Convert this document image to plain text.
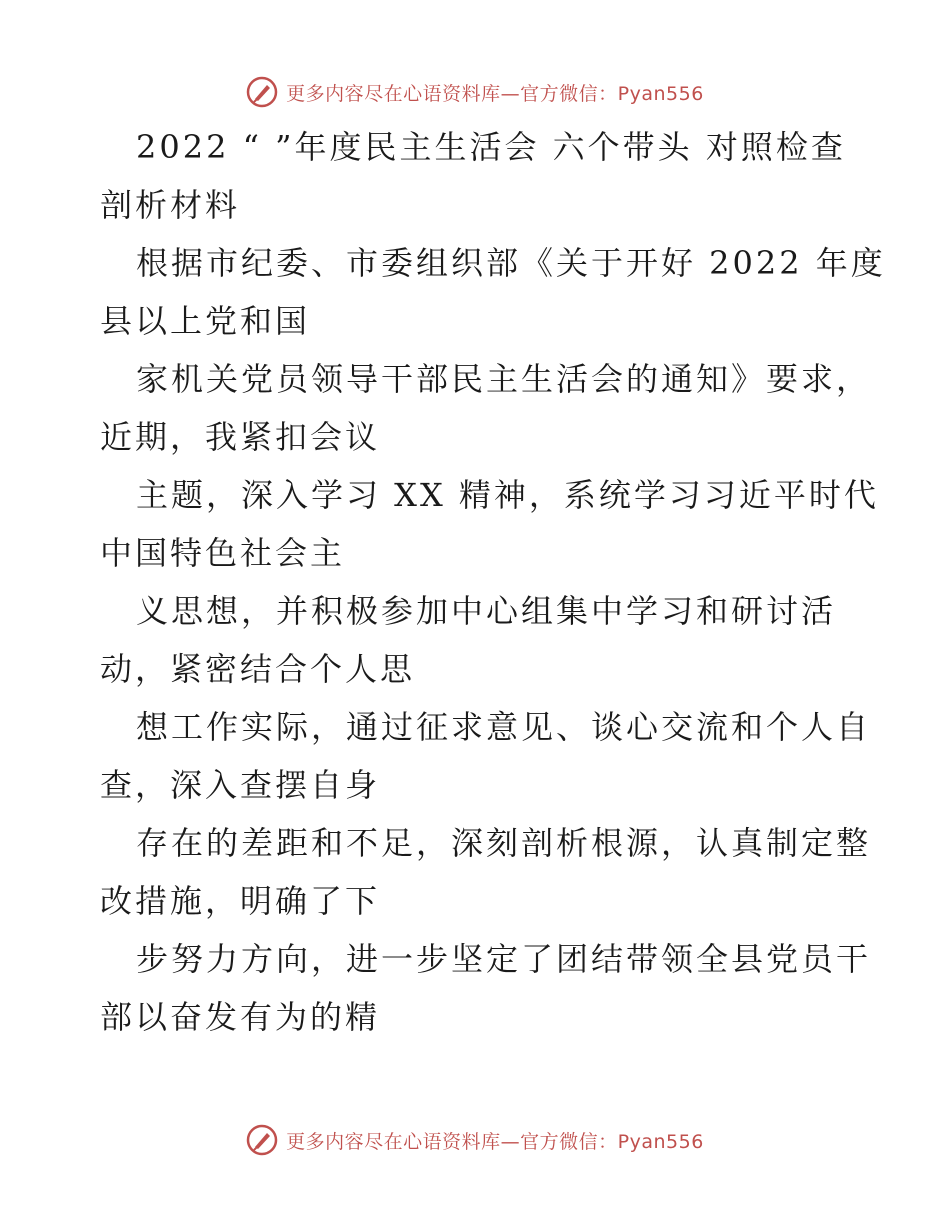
更多内容尽在心语资料库—官方微信：Pyan556
2022 “ ”年度民主生活会 六个带头 对照检查
剖析材料
根据市纪委、市委组织部《关于开好 2022 年度
县以上党和国
家机关党员领导干部民主生活会的通知》要求，
近期，我紧扣会议
主题，深入学习 XX 精神，系统学习习近平时代
中国特色社会主
义思想，并积极参加中心组集中学习和研讨活
动，紧密结合个人思
想工作实际，通过征求意见、谈心交流和个人自
查，深入查摆自身
存在的差距和不足，深刻剖析根源，认真制定整
改措施，明确了下
步努力方向，进一步坚定了团结带领全县党员干
部以奋发有为的精
更多内容尽在心语资料库—官方微信：Pyan556
